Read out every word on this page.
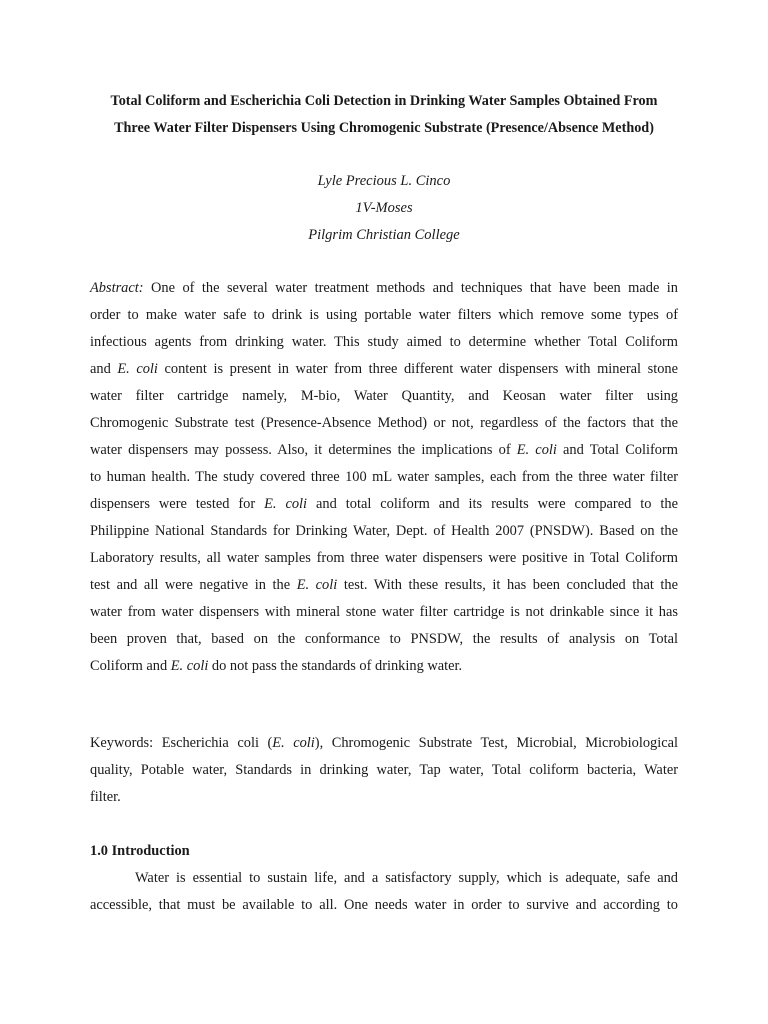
Total Coliform and Escherichia Coli Detection in Drinking Water Samples Obtained From
Three Water Filter Dispensers Using Chromogenic Substrate (Presence/Absence Method)
Lyle Precious L. Cinco
1V-Moses
Pilgrim Christian College
Abstract: One of the several water treatment methods and techniques that have been made in
order to make water safe to drink is using portable water filters which remove some types of
infectious agents from drinking water. This study aimed to determine whether Total Coliform
and E. coli content is present in water from three different water dispensers with mineral stone
water filter cartridge namely, M-bio, Water Quantity, and Keosan water filter using
Chromogenic Substrate test (Presence-Absence Method) or not, regardless of the factors that the
water dispensers may possess. Also, it determines the implications of E. coli and Total Coliform
to human health. The study covered three 100 mL water samples, each from the three water filter
dispensers were tested for E. coli and total coliform and its results were compared to the
Philippine National Standards for Drinking Water, Dept. of Health 2007 (PNSDW). Based on the
Laboratory results, all water samples from three water dispensers were positive in Total Coliform
test and all were negative in the E. coli test. With these results, it has been concluded that the
water from water dispensers with mineral stone water filter cartridge is not drinkable since it has
been proven that, based on the conformance to PNSDW, the results of analysis on Total
Coliform and E. coli do not pass the standards of drinking water.
Keywords: Escherichia coli (E. coli), Chromogenic Substrate Test, Microbial, Microbiological
quality, Potable water, Standards in drinking water, Tap water, Total coliform bacteria, Water
filter.
1.0 Introduction
Water is essential to sustain life, and a satisfactory supply, which is adequate, safe and
accessible, that must be available to all. One needs water in order to survive and according to
